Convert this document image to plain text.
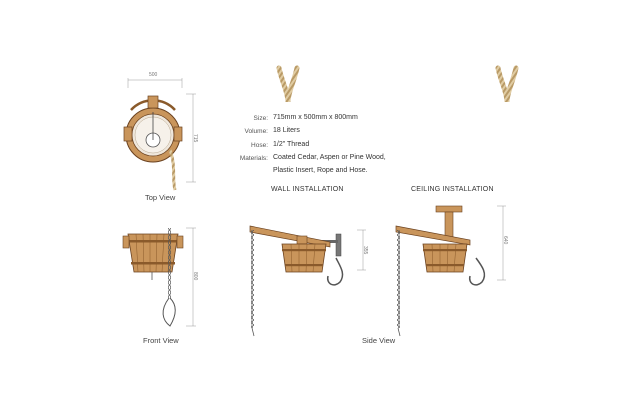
500
715
800
355
640
Size: 715mm x 500mm x 800mm
Volume: 18 Liters
Hose: 1/2" Thread
Materials: Coated Cedar, Aspen or Pine Wood,
Plastic Insert, Rope and Hose.
WALL INSTALLATION	CEILING INSTALLATION
Top View
Front View	Side View
